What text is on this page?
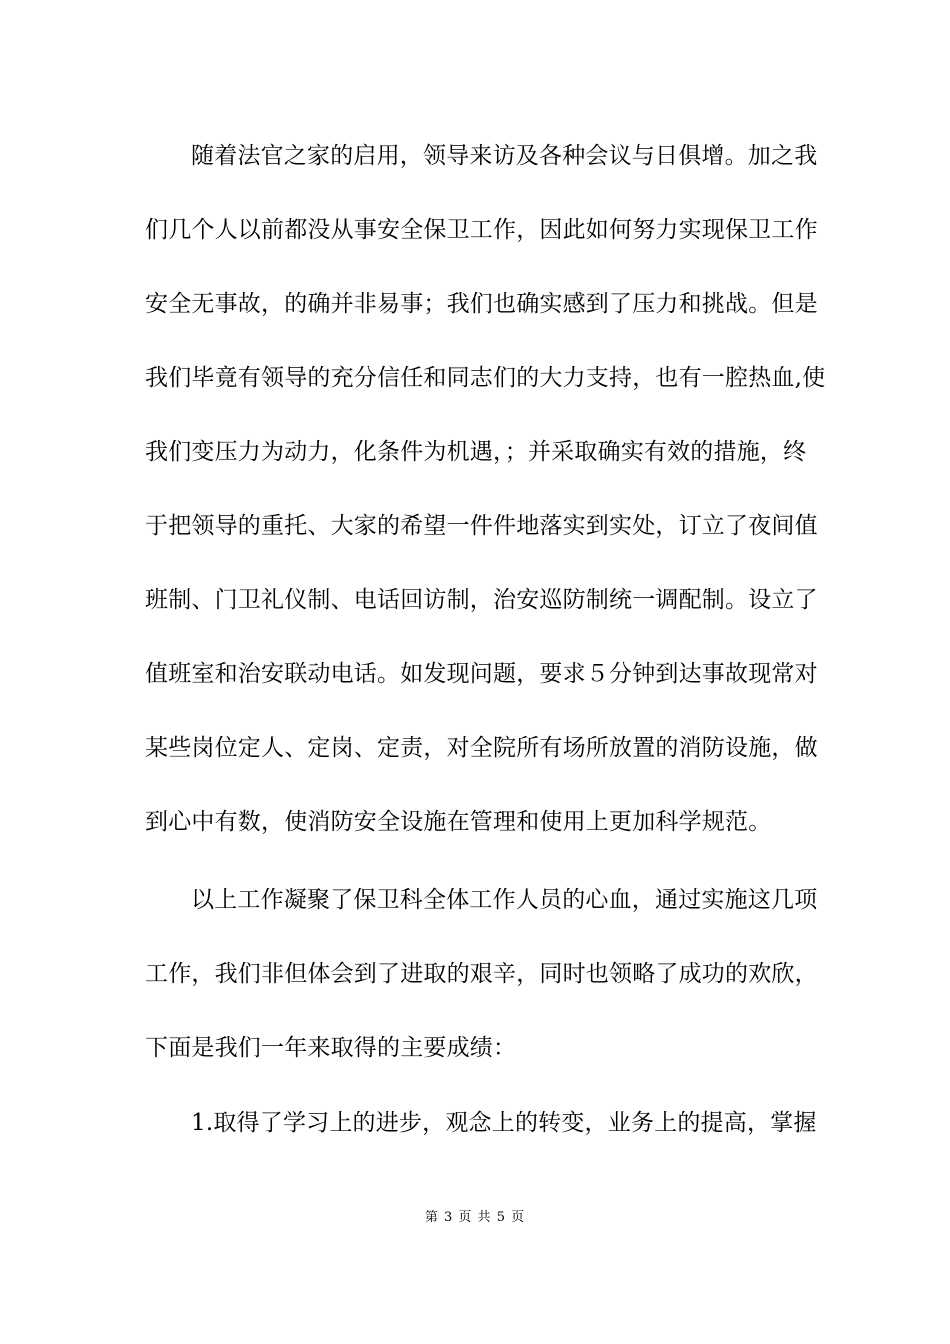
随着法官之家的启用，领导来访及各种会议与日俱增。加之我
们几个人以前都没从事安全保卫工作，因此如何努力实现保卫工作
安全无事故，的确并非易事；我们也确实感到了压力和挑战。但是
我们毕竟有领导的充分信任和同志们的大力支持，也有一腔热血,使
我们变压力为动力，化条件为机遇，；并采取确实有效的措施，终
于把领导的重托、大家的希望一件件地落实到实处，订立了夜间值
班制、门卫礼仪制、电话回访制，治安巡防制统一调配制。设立了
值班室和治安联动电话。如发现问题，要求５分钟到达事故现常对
某些岗位定人、定岗、定责，对全院所有场所放置的消防设施，做
到心中有数，使消防安全设施在管理和使用上更加科学规范。
以上工作凝聚了保卫科全体工作人员的心血，通过实施这几项
工作，我们非但体会到了进取的艰辛，同时也领略了成功的欢欣，
下面是我们一年来取得的主要成绩：
1.取得了学习上的进步，观念上的转变，业务上的提高，掌握
第 3 页 共 5 页
